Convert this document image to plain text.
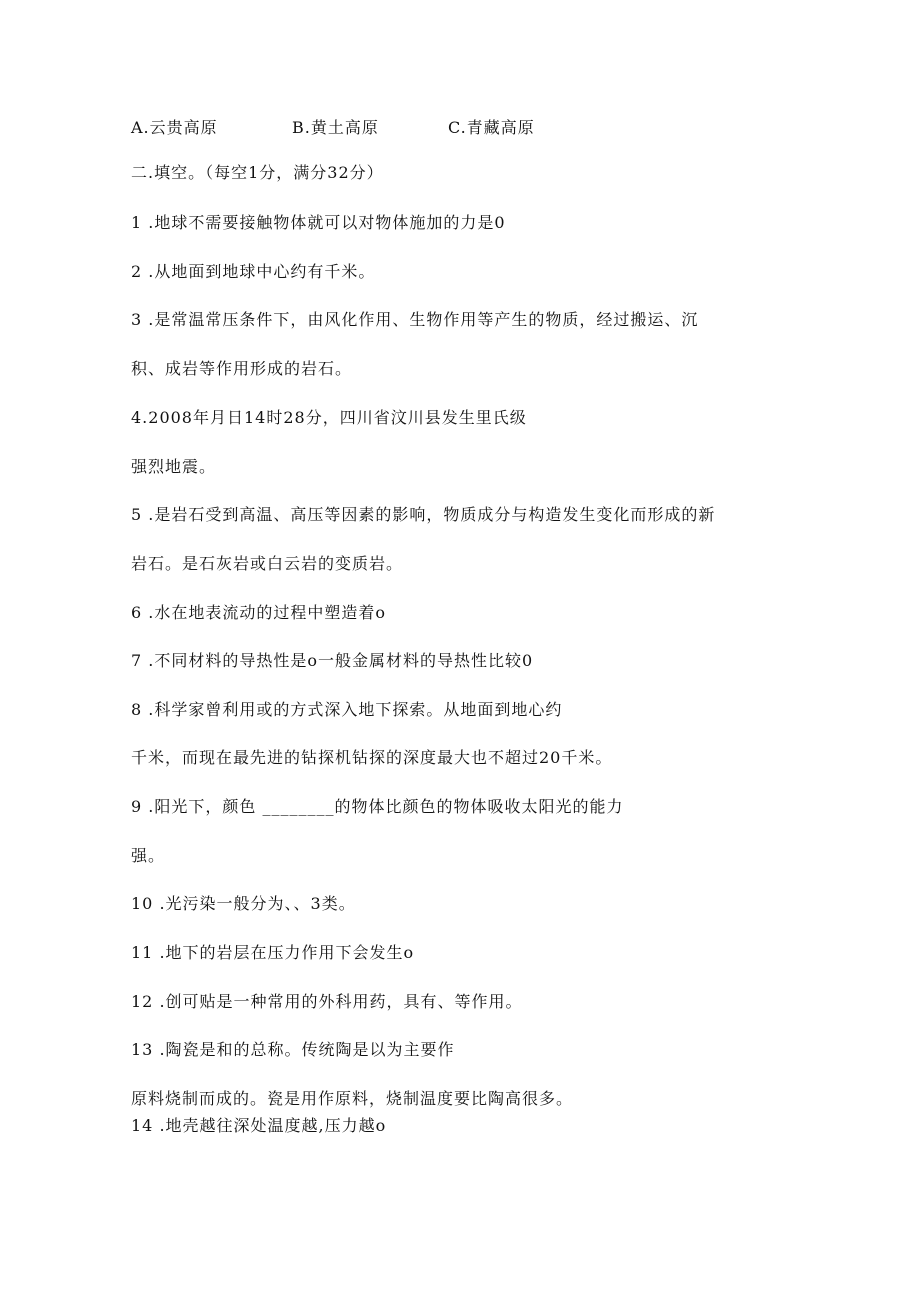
A.云贵高原	B.黄土高原	C.青藏高原
二.填空。（每空1分，满分32分）
1 .地球不需要接触物体就可以对物体施加的力是0
2 .从地面到地球中心约有千米。
3 .是常温常压条件下，由风化作用、生物作用等产生的物质，经过搬运、沉
积、成岩等作用形成的岩石。
4.2008年月日14时28分，四川省汶川县发生里氏级
强烈地震。
5 .是岩石受到高温、高压等因素的影响，物质成分与构造发生变化而形成的新
岩石。是石灰岩或白云岩的变质岩。
6 .水在地表流动的过程中塑造着o
7 .不同材料的导热性是o一般金属材料的导热性比较0
8 .科学家曾利用或的方式深入地下探索。从地面到地心约
千米，而现在最先进的钻探机钻探的深度最大也不超过20千米。
9 .阳光下，颜色 ________的物体比颜色的物体吸收太阳光的能力
强。
10 .光污染一般分为、、3类。
11 .地下的岩层在压力作用下会发生o
12 .创可贴是一种常用的外科用药，具有、等作用。
13 .陶瓷是和的总称。传统陶是以为主要作
原料烧制而成的。瓷是用作原料，烧制温度要比陶高很多。
14 .地壳越往深处温度越,压力越o
